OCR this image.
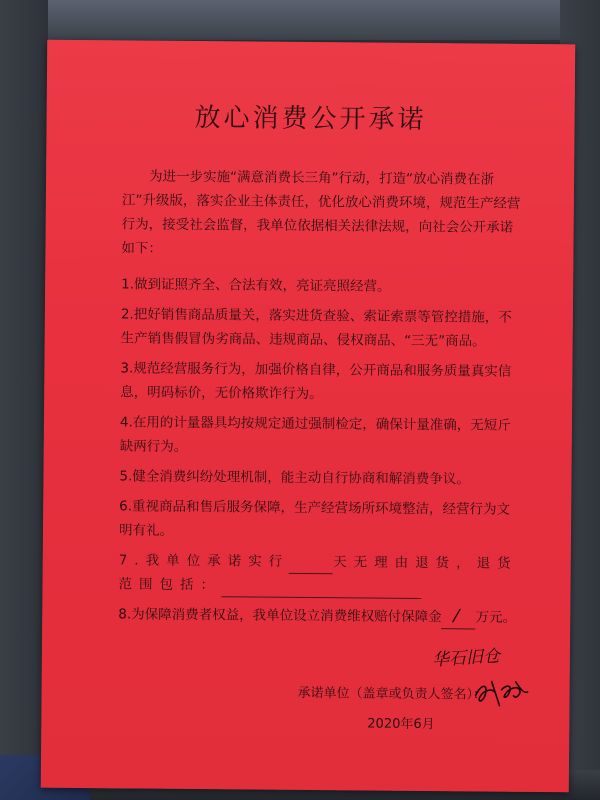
放心消费公开承诺
为进一步实施“满意消费长三角”行动，打造“放心消费在浙江”升级版，落实企业主体责任，优化放心消费环境，规范生产经营行为，接受社会监督，我单位依据相关法律法规，向社会公开承诺如下：
1.做到证照齐全、合法有效，亮证亮照经营。
2.把好销售商品质量关，落实进货查验、索证索票等管控措施，不生产销售假冒伪劣商品、违规商品、侵权商品、“三无”商品。
3.规范经营服务行为，加强价格自律，公开商品和服务质量真实信息，明码标价，无价格欺诈行为。
4.在用的计量器具均按规定通过强制检定，确保计量准确，无短斤缺两行为。
5.健全消费纠纷处理机制，能主动自行协商和解消费争议。
6.重视商品和售后服务保障，生产经营场所环境整洁，经营行为文明有礼。
7.我单位承诺实行	天无理由退货，退货范围包括：
8.为保障消费者权益，我单位设立消费维权赔付保障金 / 万元。
华石旧仓
承诺单位（盖章或负责人签名）：
2020年6月
